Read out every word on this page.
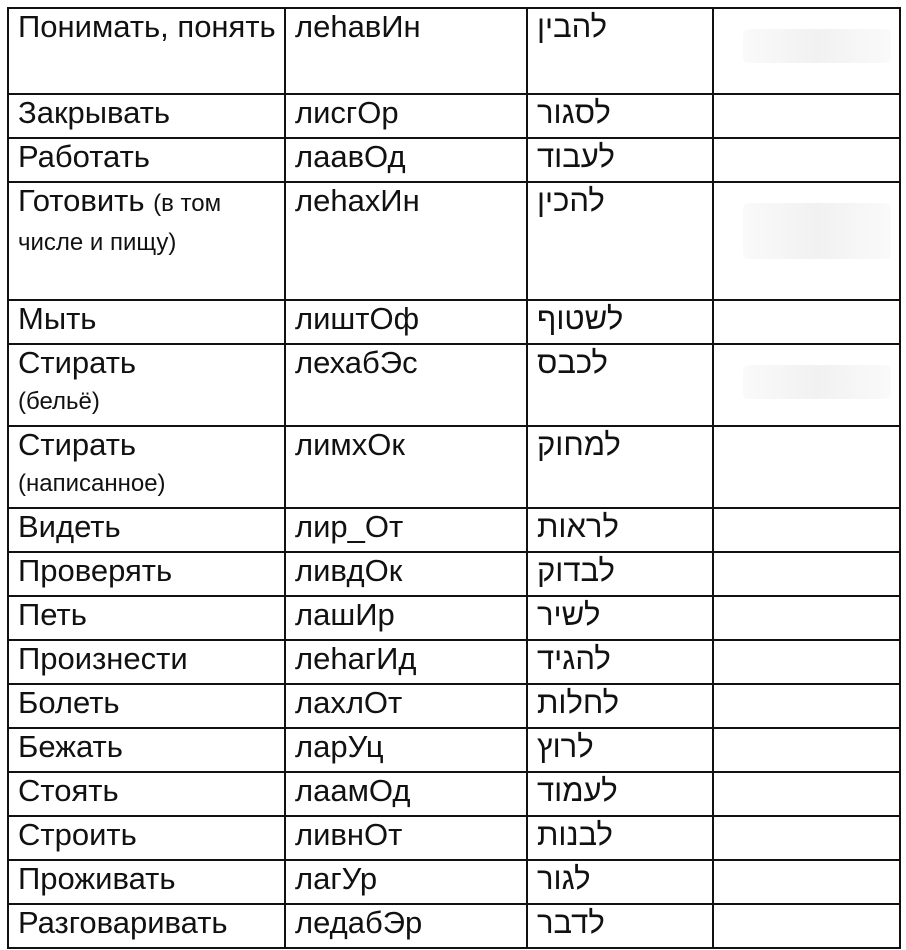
Понимать, понять	леhавИн	להבין	

Закрывать	лисгОр	לסגור	
Работать	лаавОд	לעבוד	
Готовить (в том числе и пищу)	леhахИн	להכין	

Мыть	лиштОф	לשטוף	
Стирать
(бельё)	лехабЭс	לכבס	

Стирать
(написанное)	лимхОк	למחוק	
Видеть	лир_От	לראות	
Проверять	ливдОк	לבדוק	
Петь	лашИр	לשיר	
Произнести	леhагИд	להגיד	
Болеть	лахлОт	לחלות	
Бежать	ларУц	לרוץ	
Стоять	лаамОд	לעמוד	
Строить	ливнОт	לבנות	
Проживать	лагУр	לגור	
Разговаривать	ледабЭр	לדבר	
